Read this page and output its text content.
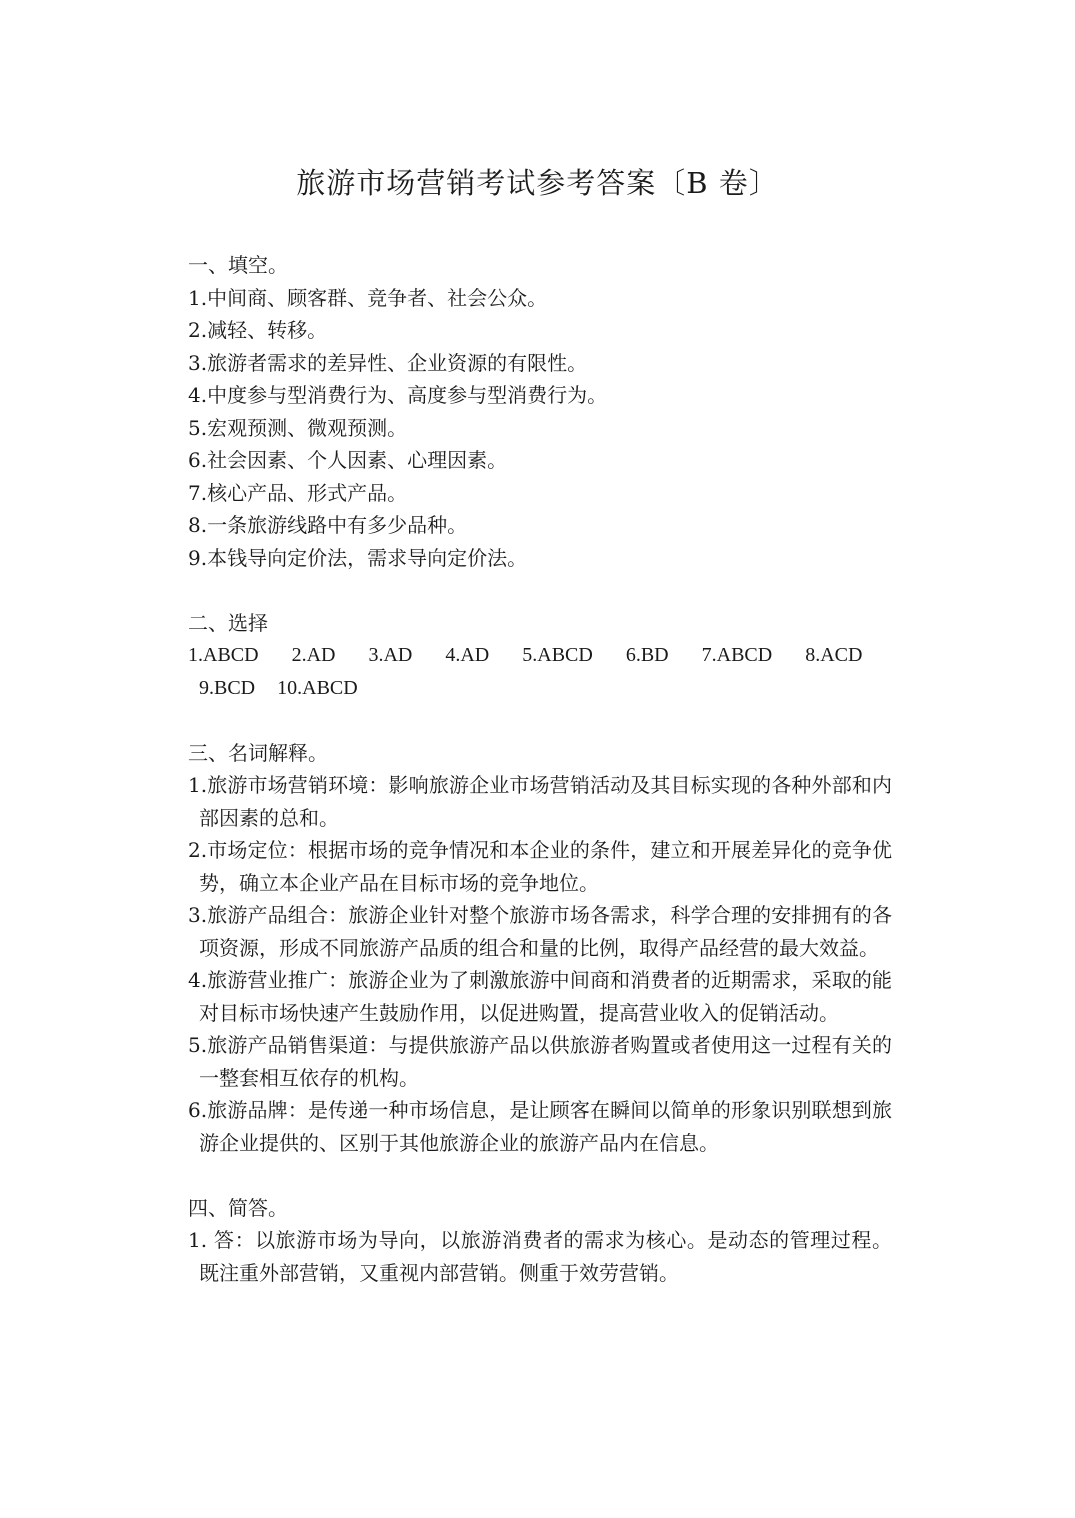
旅游市场营销考试参考答案〔B 卷〕
一、填空。
1.中间商、顾客群、竞争者、社会公众。
2.减轻、转移。
3.旅游者需求的差异性、企业资源的有限性。
4.中度参与型消费行为、高度参与型消费行为。
5.宏观预测、微观预测。
6.社会因素、个人因素、心理因素。
7.核心产品、形式产品。
8.一条旅游线路中有多少品种。
9.本钱导向定价法，需求导向定价法。
二、选择
1.ABCD 2.AD 3.AD 4.AD 5.ABCD 6.BD 7.ABCD 8.ACD
9.BCD 10.ABCD
三、名词解释。
1.旅游市场营销环境：影响旅游企业市场营销活动及其目标实现的各种外部和内部因素的总和。
2.市场定位：根据市场的竞争情况和本企业的条件，建立和开展差异化的竞争优势，确立本企业产品在目标市场的竞争地位。
3.旅游产品组合：旅游企业针对整个旅游市场各需求，科学合理的安排拥有的各项资源，形成不同旅游产品质的组合和量的比例，取得产品经营的最大效益。
4.旅游营业推广：旅游企业为了刺激旅游中间商和消费者的近期需求，采取的能对目标市场快速产生鼓励作用，以促进购置，提高营业收入的促销活动。
5.旅游产品销售渠道：与提供旅游产品以供旅游者购置或者使用这一过程有关的一整套相互依存的机构。
6.旅游品牌：是传递一种市场信息，是让顾客在瞬间以简单的形象识别联想到旅游企业提供的、区别于其他旅游企业的旅游产品内在信息。
四、简答。
1. 答：以旅游市场为导向，以旅游消费者的需求为核心。是动态的管理过程。既注重外部营销，又重视内部营销。侧重于效劳营销。
